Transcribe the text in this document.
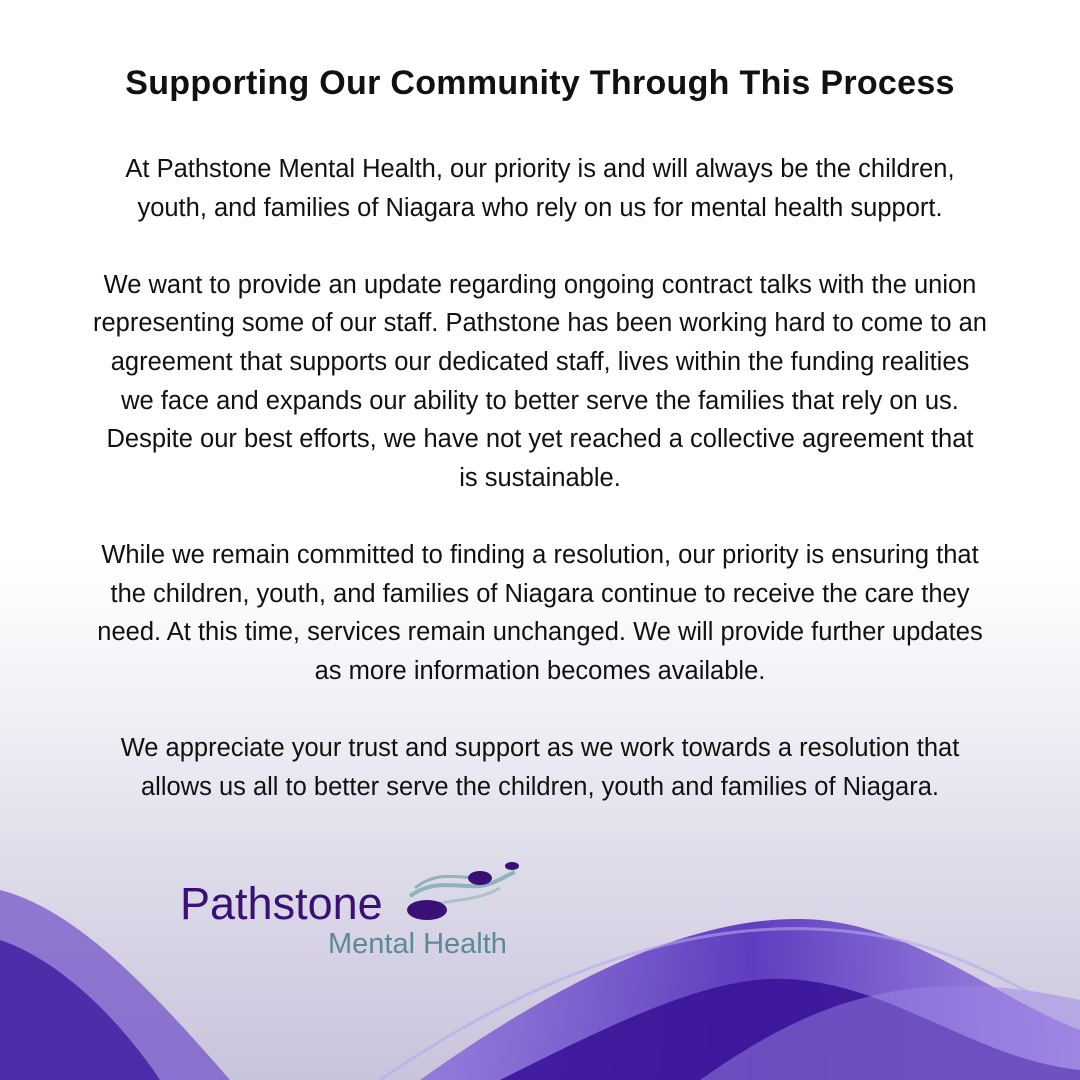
Supporting Our Community Through This Process

At Pathstone Mental Health, our priority is and will always be the children,
youth, and families of Niagara who rely on us for mental health support.

We want to provide an update regarding ongoing contract talks with the union
representing some of our staff. Pathstone has been working hard to come to an
agreement that supports our dedicated staff, lives within the funding realities
we face and expands our ability to better serve the families that rely on us.
Despite our best efforts, we have not yet reached a collective agreement that
is sustainable.

While we remain committed to finding a resolution, our priority is ensuring that
the children, youth, and families of Niagara continue to receive the care they
need. At this time, services remain unchanged. We will provide further updates
as more information becomes available.

We appreciate your trust and support as we work towards a resolution that
allows us all to better serve the children, youth and families of Niagara.

Pathstone
Mental Health
